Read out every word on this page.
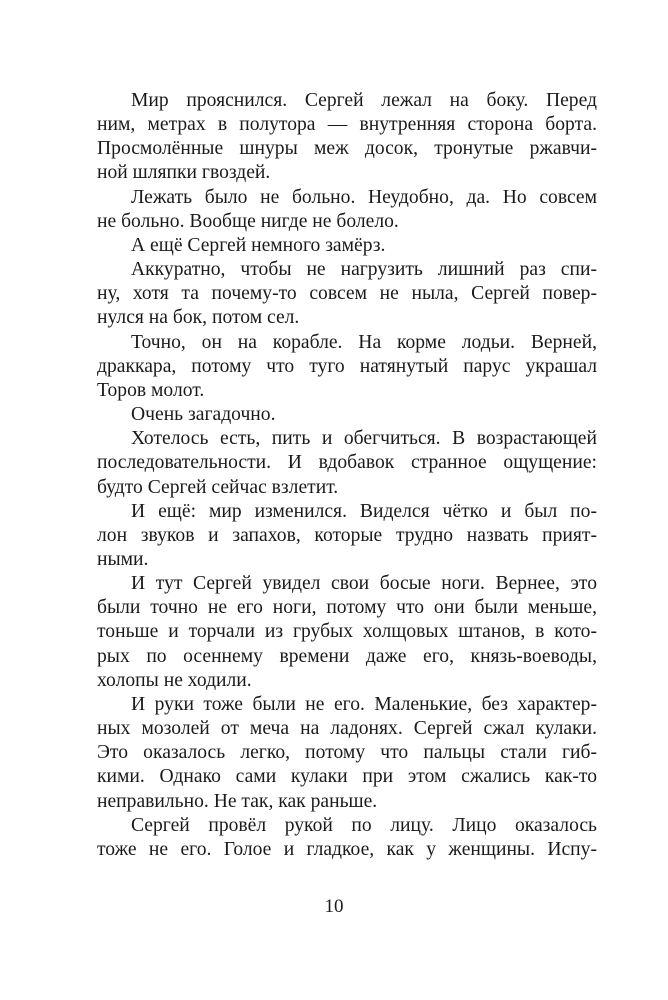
Мир прояснился. Сергей лежал на боку. Перед
ним, метрах в полутора — внутренняя сторона борта.
Просмолённые шнуры меж досок, тронутые ржавчи-
ной шляпки гвоздей.

Лежать было не больно. Неудобно, да. Но совсем
не больно. Вообще нигде не болело.

А ещё Сергей немного замёрз.

Аккуратно, чтобы не нагрузить лишний раз спи-
ну, хотя та почему-то совсем не ныла, Сергей повер-
нулся на бок, потом сел.

Точно, он на корабле. На корме лодьи. Верней,
драккара, потому что туго натянутый парус украшал
Торов молот.

Очень загадочно.

Хотелось есть, пить и обегчиться. В возрастающей
последовательности. И вдобавок странное ощущение:
будто Сергей сейчас взлетит.

И ещё: мир изменился. Виделся чётко и был по-
лон звуков и запахов, которые трудно назвать прият-
ными.

И тут Сергей увидел свои босые ноги. Вернее, это
были точно не его ноги, потому что они были меньше,
тоньше и торчали из грубых холщовых штанов, в кото-
рых по осеннему времени даже его, князь-воеводы,
холопы не ходили.

И руки тоже были не его. Маленькие, без характер-
ных мозолей от меча на ладонях. Сергей сжал кулаки.
Это оказалось легко, потому что пальцы стали гиб-
кими. Однако сами кулаки при этом сжались как-то
неправильно. Не так, как раньше.

Сергей провёл рукой по лицу. Лицо оказалось
тоже не его. Голое и гладкое, как у женщины. Испу-

10
